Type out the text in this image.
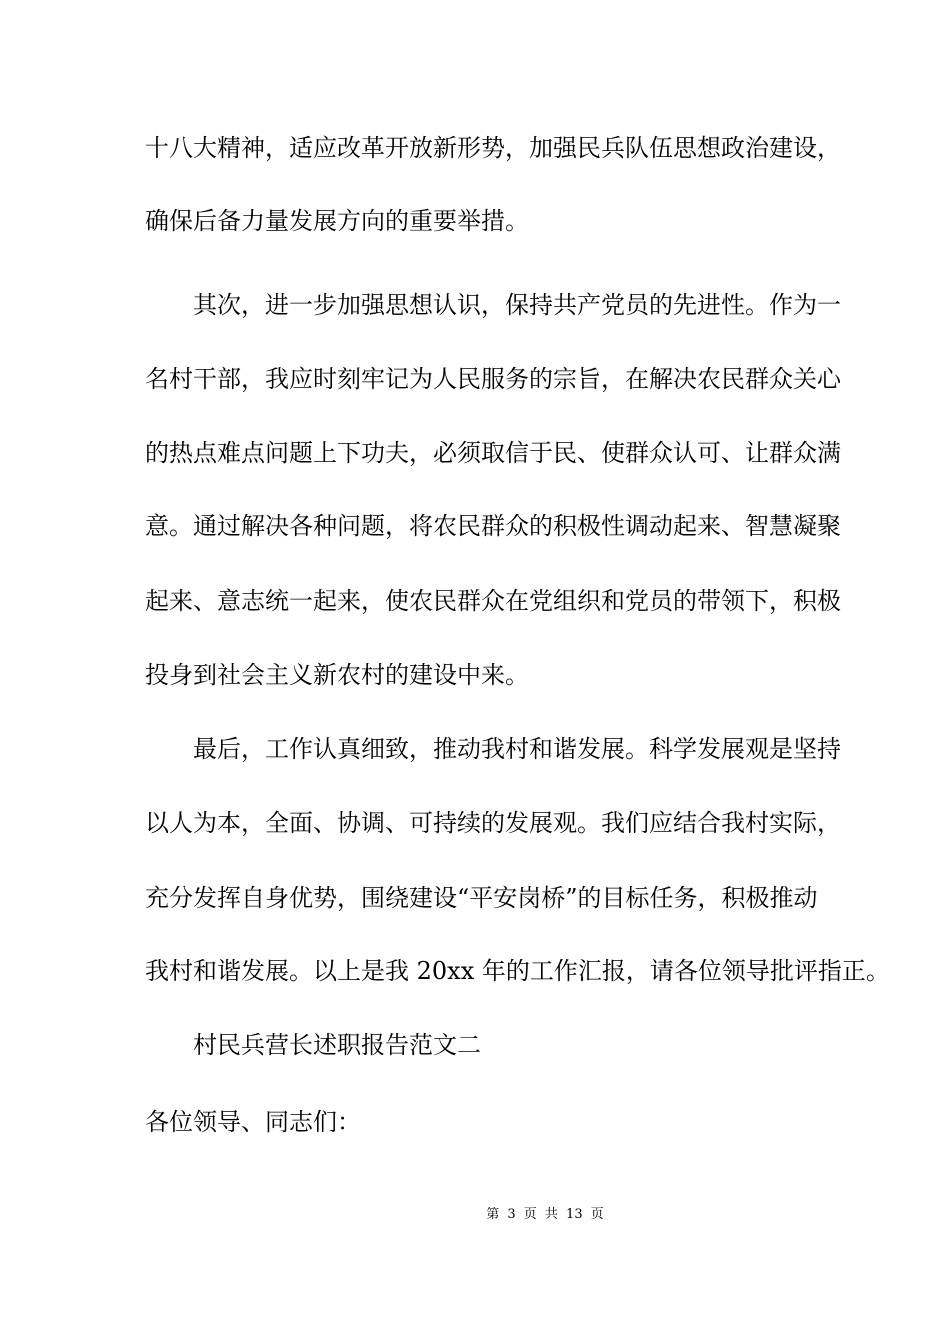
十八大精神，适应改革开放新形势，加强民兵队伍思想政治建设，

确保后备力量发展方向的重要举措。

其次，进一步加强思想认识，保持共产党员的先进性。作为一

名村干部，我应时刻牢记为人民服务的宗旨，在解决农民群众关心

的热点难点问题上下功夫，必须取信于民、使群众认可、让群众满

意。通过解决各种问题，将农民群众的积极性调动起来、智慧凝聚

起来、意志统一起来，使农民群众在党组织和党员的带领下，积极

投身到社会主义新农村的建设中来。

最后，工作认真细致，推动我村和谐发展。科学发展观是坚持

以人为本，全面、协调、可持续的发展观。我们应结合我村实际，

充分发挥自身优势，围绕建设“平安岗桥”的目标任务，积极推动

我村和谐发展。以上是我 20xx 年的工作汇报，请各位领导批评指正。

村民兵营长述职报告范文二

各位领导、同志们：

第 3 页 共 13 页
